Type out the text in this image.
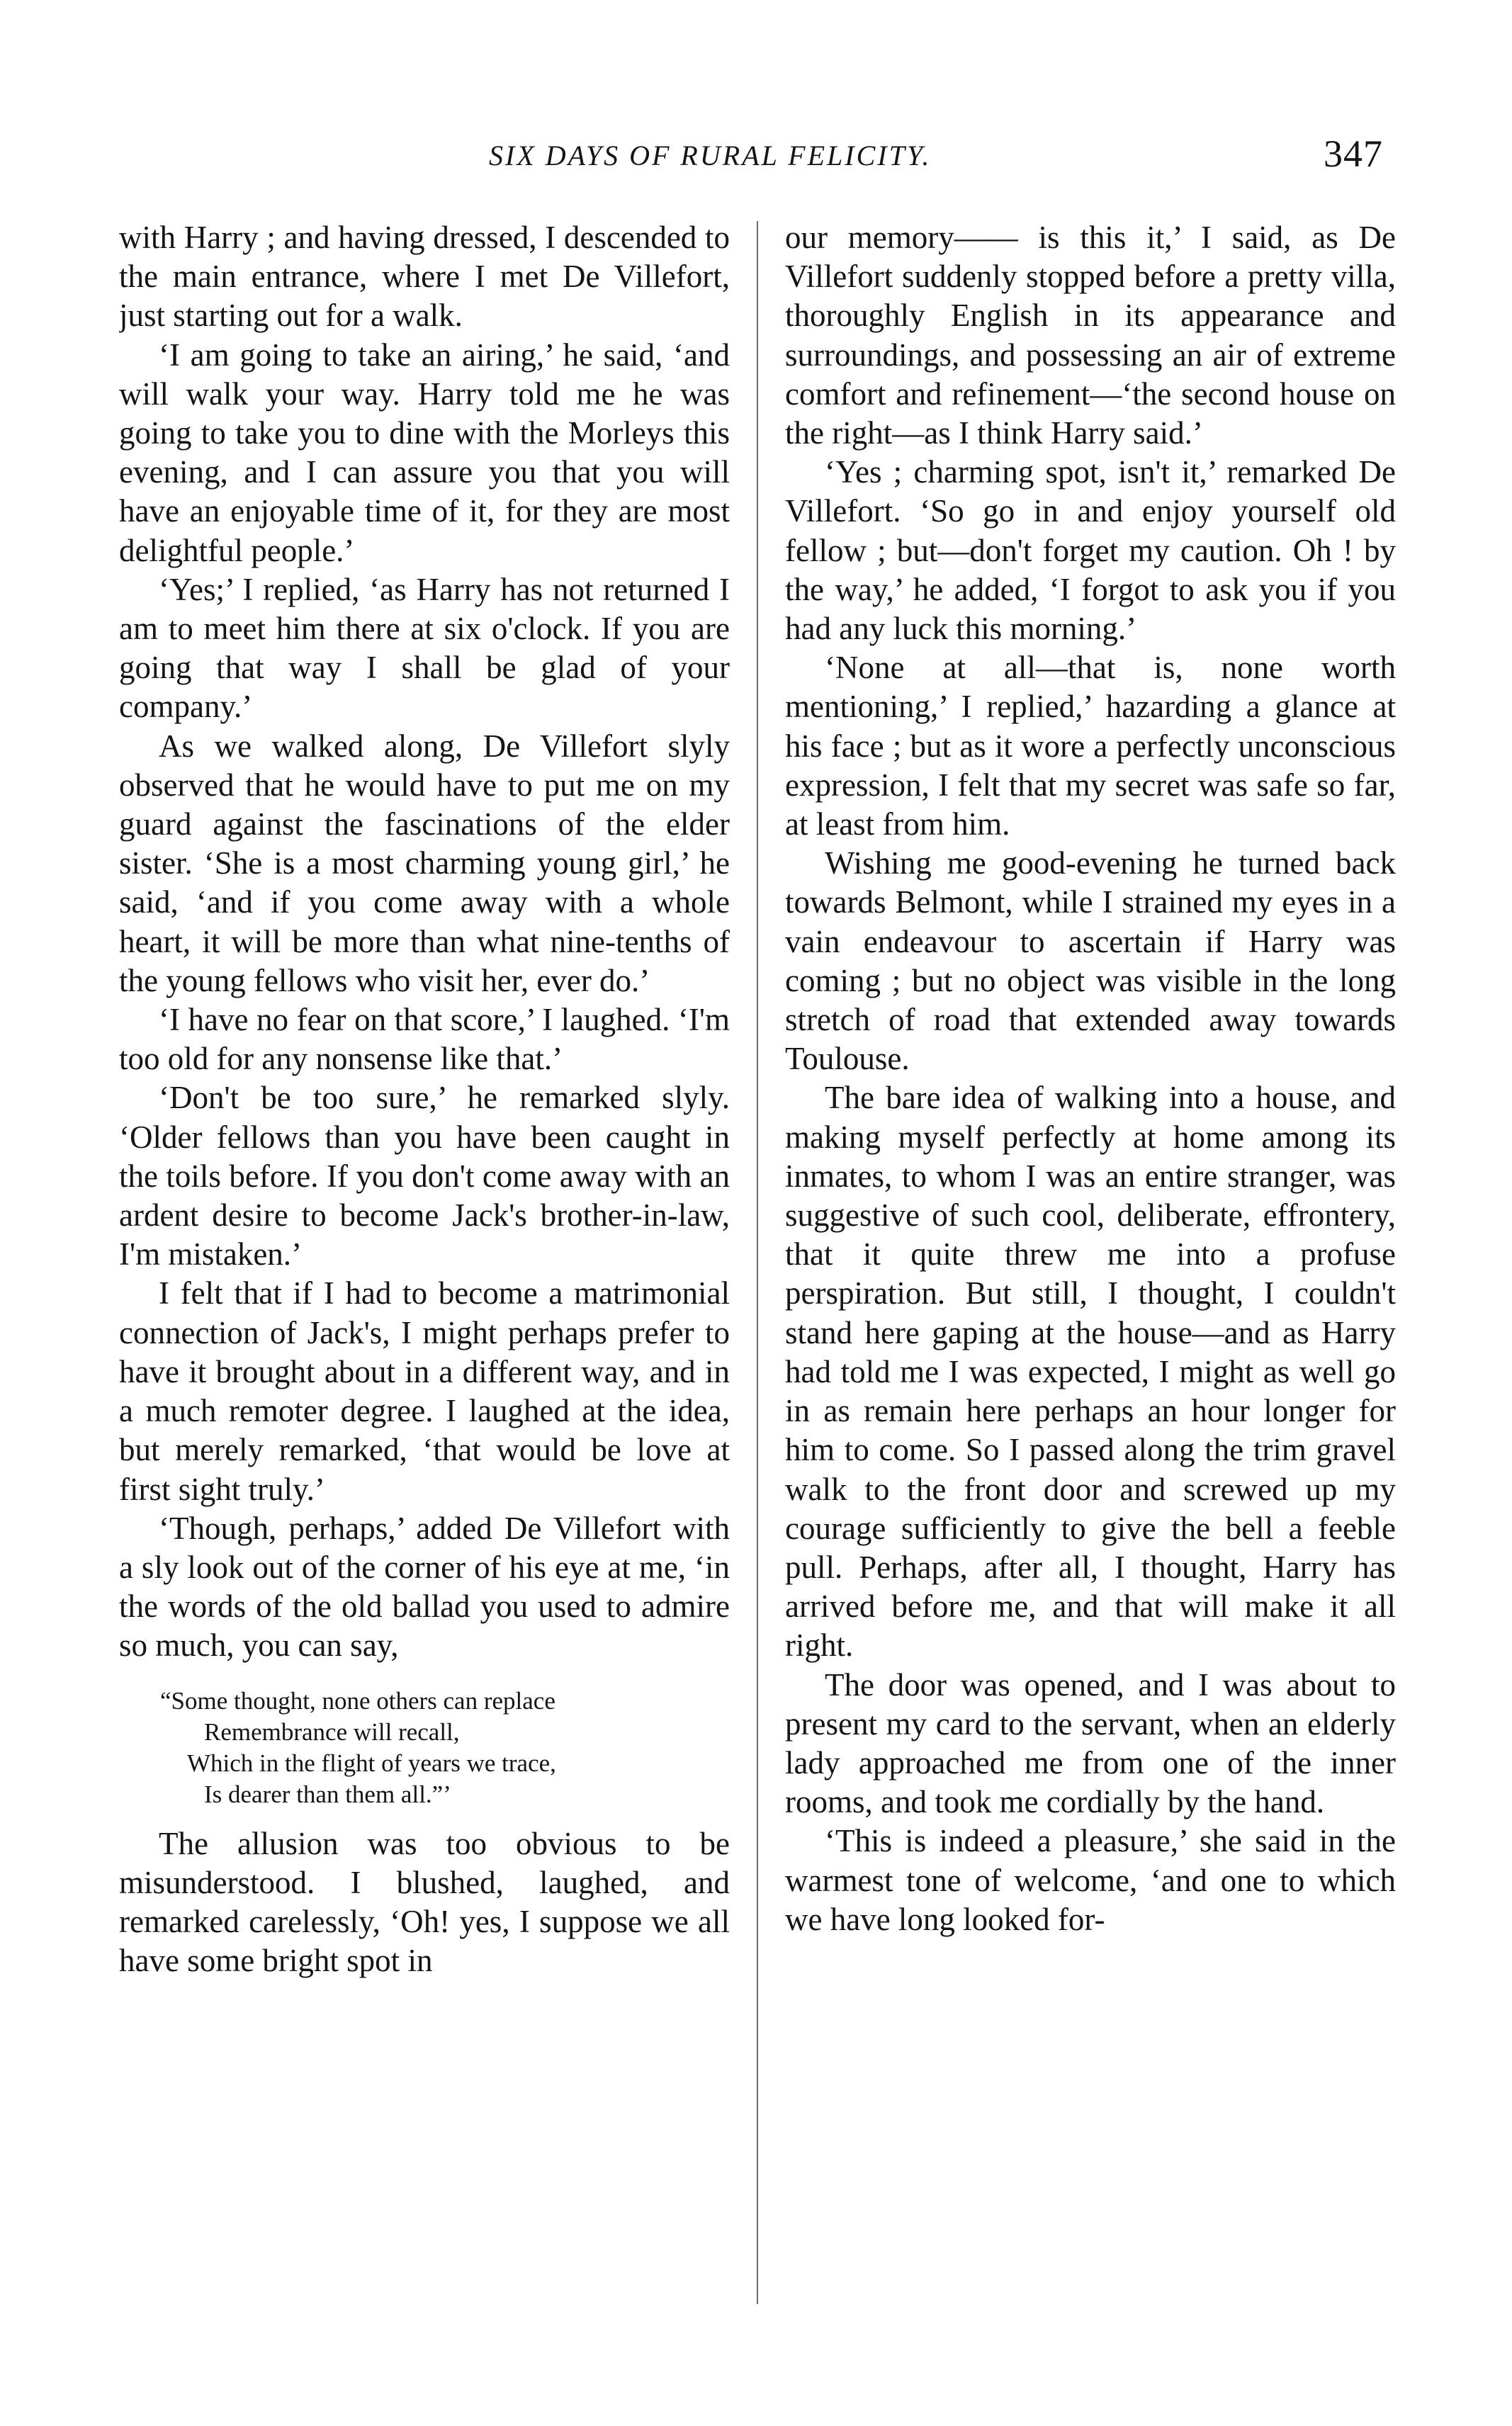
SIX DAYS OF RURAL FELICITY.	347

with Harry ; and having dressed, I descended to the main entrance, where I met De Villefort, just starting out for a walk.

‘I am going to take an airing,’ he said, ‘and will walk your way. Harry told me he was going to take you to dine with the Morleys this evening, and I can assure you that you will have an enjoyable time of it, for they are most delightful people.’

‘Yes;’ I replied, ‘as Harry has not returned I am to meet him there at six o'clock. If you are going that way I shall be glad of your company.’

As we walked along, De Villefort slyly observed that he would have to put me on my guard against the fascinations of the elder sister. ‘She is a most charming young girl,’ he said, ‘and if you come away with a whole heart, it will be more than what nine-tenths of the young fellows who visit her, ever do.’

‘I have no fear on that score,’ I laughed. ‘I'm too old for any nonsense like that.’

‘Don't be too sure,’ he remarked slyly. ‘Older fellows than you have been caught in the toils before. If you don't come away with an ardent desire to become Jack's brother-in-law, I'm mistaken.’

I felt that if I had to become a matrimonial connection of Jack's, I might perhaps prefer to have it brought about in a different way, and in a much remoter degree. I laughed at the idea, but merely remarked, ‘that would be love at first sight truly.’

‘Though, perhaps,’ added De Villefort with a sly look out of the corner of his eye at me, ‘in the words of the old ballad you used to admire so much, you can say,

“Some thought, none others can replace
Remembrance will recall,
Which in the flight of years we trace,
Is dearer than them all.”’

The allusion was too obvious to be misunderstood. I blushed, laughed, and remarked carelessly, ‘Oh! yes, I suppose we all have some bright spot in

our memory—— is this it,’ I said, as De Villefort suddenly stopped before a pretty villa, thoroughly English in its appearance and surroundings, and possessing an air of extreme comfort and refinement—‘the second house on the right—as I think Harry said.’

‘Yes ; charming spot, isn't it,’ remarked De Villefort. ‘So go in and enjoy yourself old fellow ; but—don't forget my caution. Oh ! by the way,’ he added, ‘I forgot to ask you if you had any luck this morning.’

‘None at all—that is, none worth mentioning,’ I replied,’ hazarding a glance at his face ; but as it wore a perfectly unconscious expression, I felt that my secret was safe so far, at least from him.

Wishing me good-evening he turned back towards Belmont, while I strained my eyes in a vain endeavour to ascertain if Harry was coming ; but no object was visible in the long stretch of road that extended away towards Toulouse.

The bare idea of walking into a house, and making myself perfectly at home among its inmates, to whom I was an entire stranger, was suggestive of such cool, deliberate, effrontery, that it quite threw me into a profuse perspiration. But still, I thought, I couldn't stand here gaping at the house—and as Harry had told me I was expected, I might as well go in as remain here perhaps an hour longer for him to come. So I passed along the trim gravel walk to the front door and screwed up my courage sufficiently to give the bell a feeble pull. Perhaps, after all, I thought, Harry has arrived before me, and that will make it all right.

The door was opened, and I was about to present my card to the servant, when an elderly lady approached me from one of the inner rooms, and took me cordially by the hand.

‘This is indeed a pleasure,’ she said in the warmest tone of welcome, ‘and one to which we have long looked for-
